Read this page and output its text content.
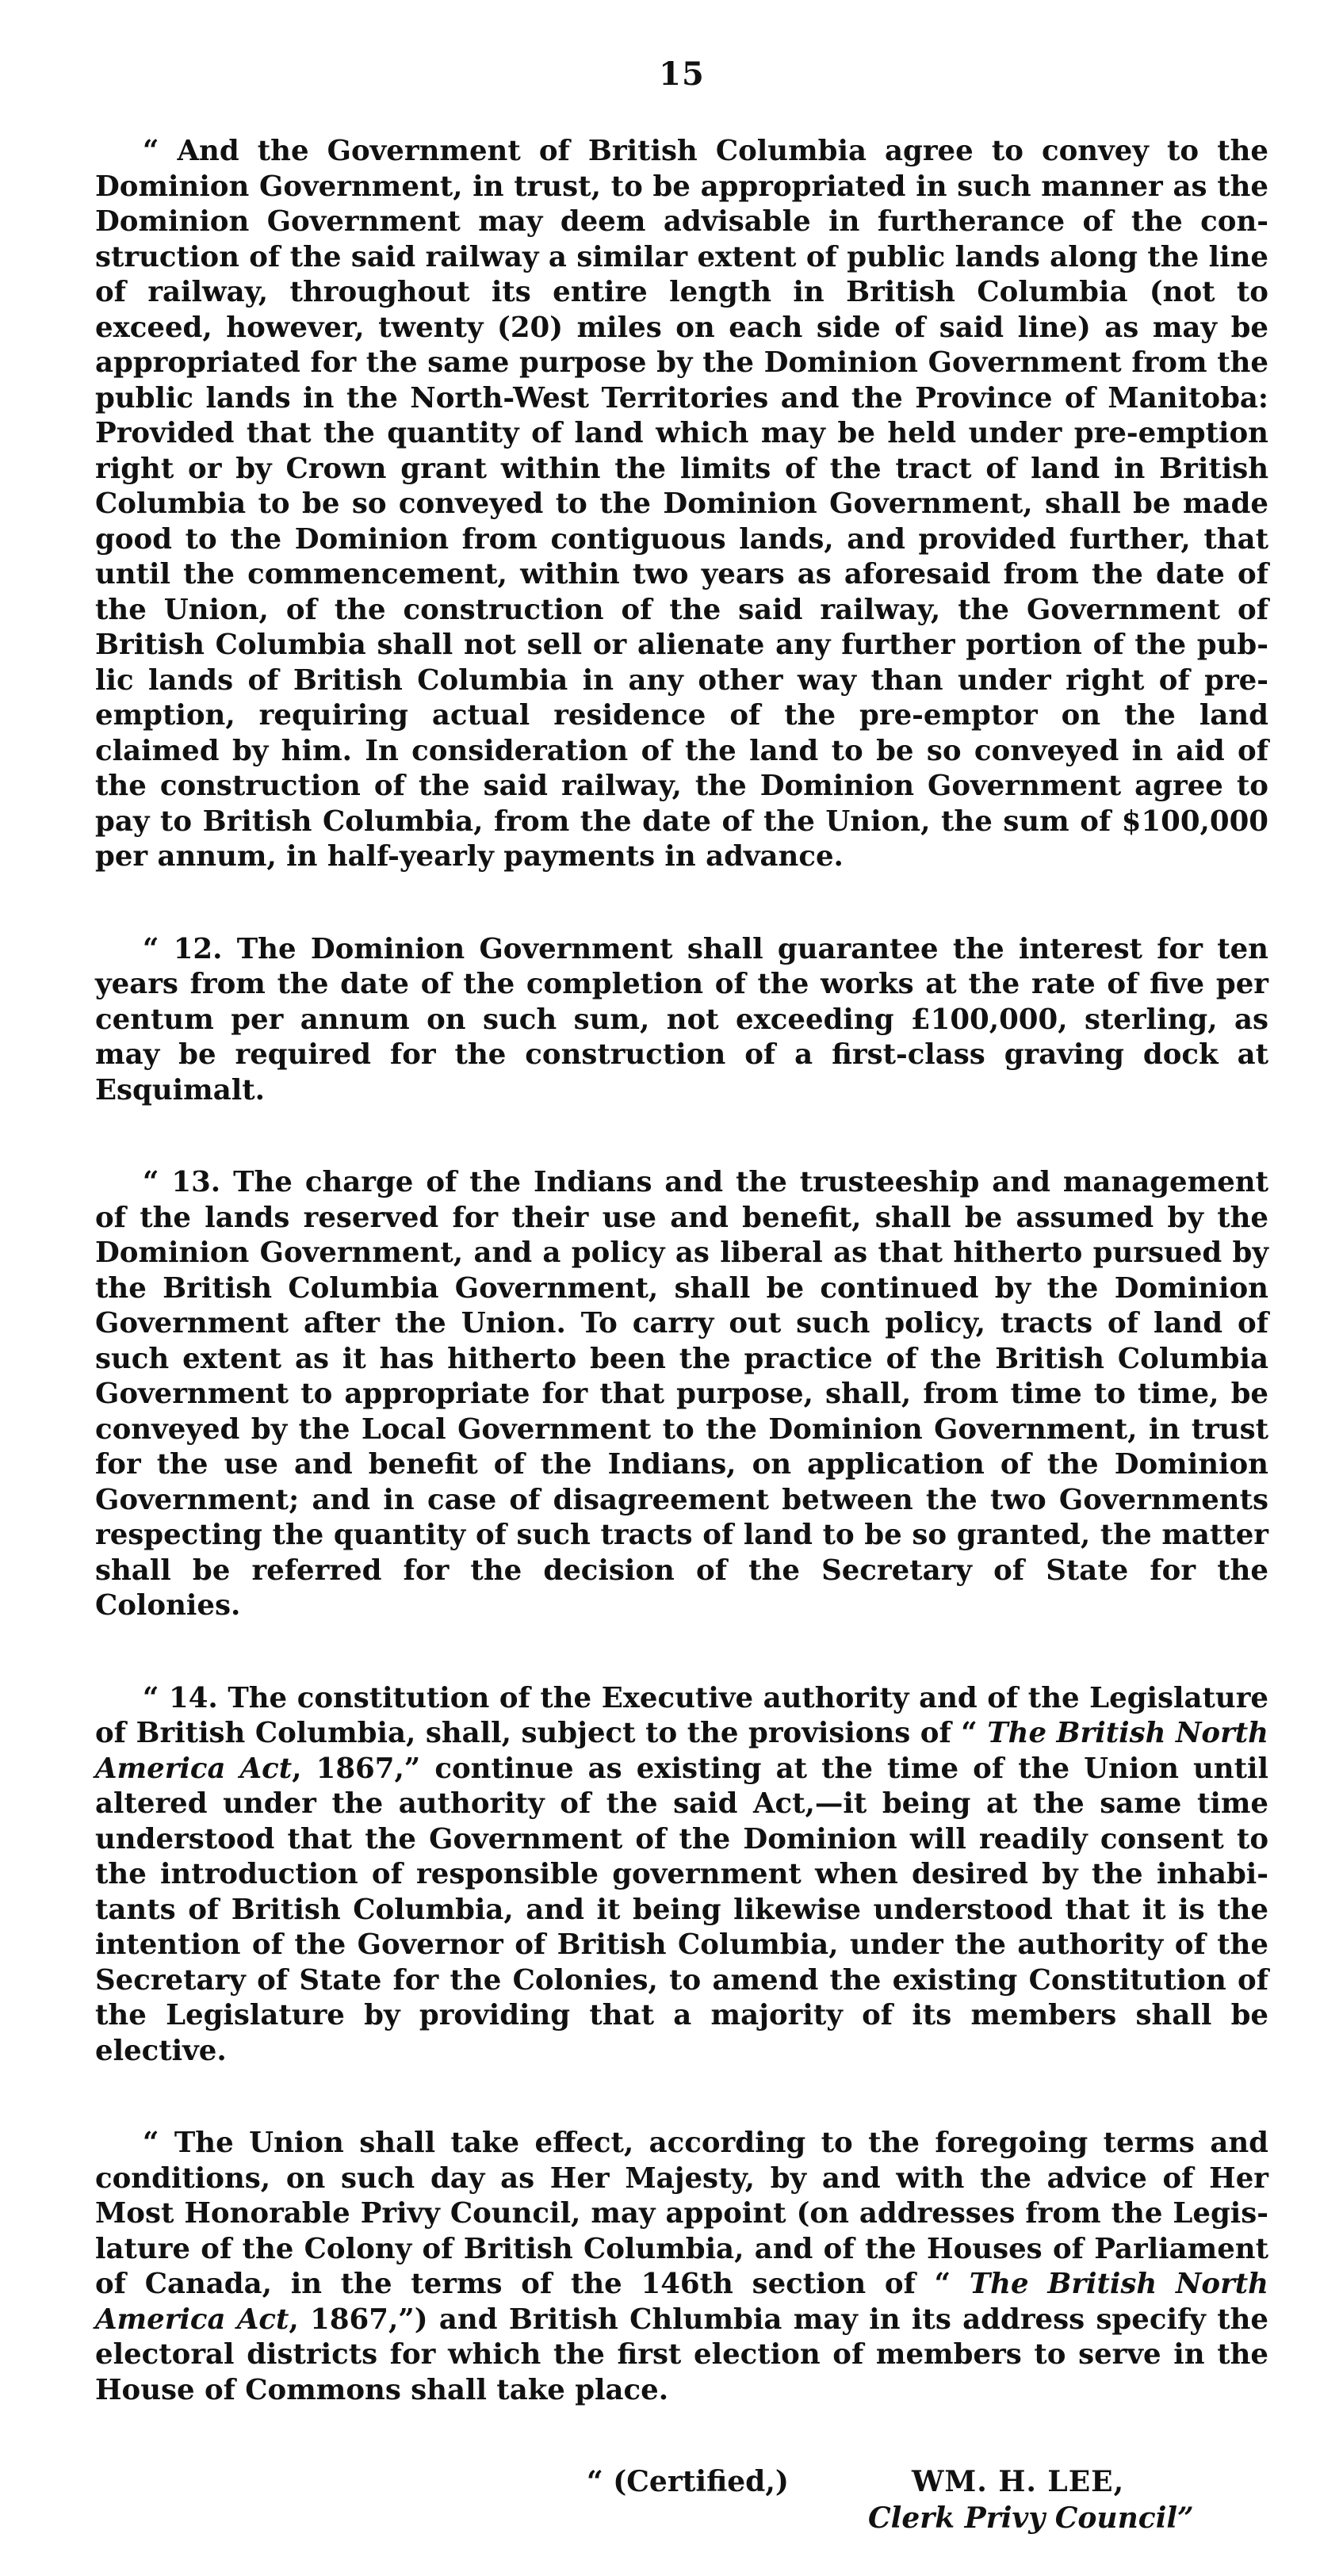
15

“ And the Government of British Columbia agree to convey to the Dominion Government, in trust, to be appropriated in such manner as the Dominion Government may deem advisable in furtherance of the construction of the said railway a similar extent of public lands along the line of railway, throughout its entire length in British Columbia (not to exceed, however, twenty (20) miles on each side of said line) as may be appropriated for the same purpose by the Dominion Government from the public lands in the North-West Territories and the Province of Manitoba: Provided that the quantity of land which may be held under pre-emption right or by Crown grant within the limits of the tract of land in British Columbia to be so conveyed to the Dominion Government, shall be made good to the Dominion from contiguous lands, and provided further, that until the commencement, within two years as aforesaid from the date of the Union, of the construction of the said railway, the Government of British Columbia shall not sell or alienate any further portion of the public lands of British Columbia in any other way than under right of preemption, requiring actual residence of the pre-emptor on the land claimed by him. In consideration of the land to be so conveyed in aid of the construction of the said railway, the Dominion Government agree to pay to British Columbia, from the date of the Union, the sum of $100,000 per annum, in half-yearly payments in advance.

“ 12. The Dominion Government shall guarantee the interest for ten years from the date of the completion of the works at the rate of five per centum per annum on such sum, not exceeding £100,000, sterling, as may be required for the construction of a first-class graving dock at Esquimalt.

“ 13. The charge of the Indians and the trusteeship and management of the lands reserved for their use and benefit, shall be assumed by the Dominion Government, and a policy as liberal as that hitherto pursued by the British Columbia Government, shall be continued by the Dominion Government after the Union. To carry out such policy, tracts of land of such extent as it has hitherto been the practice of the British Columbia Government to appropriate for that purpose, shall, from time to time, be conveyed by the Local Government to the Dominion Government, in trust for the use and benefit of the Indians, on application of the Dominion Government; and in case of disagreement between the two Governments respecting the quantity of such tracts of land to be so granted, the matter shall be referred for the decision of the Secretary of State for the Colonies.

“ 14. The constitution of the Executive authority and of the Legislature of British Columbia, shall, subject to the provisions of “ The British North America Act, 1867,” continue as existing at the time of the Union until altered under the authority of the said Act,—it being at the same time understood that the Government of the Dominion will readily consent to the introduction of responsible government when desired by the inhabitants of British Columbia, and it being likewise understood that it is the intention of the Governor of British Columbia, under the authority of the Secretary of State for the Colonies, to amend the existing Constitution of the Legislature by providing that a majority of its members shall be elective.

“ The Union shall take effect, according to the foregoing terms and conditions, on such day as Her Majesty, by and with the advice of Her Most Honorable Privy Council, may appoint (on addresses from the Legislature of the Colony of British Columbia, and of the Houses of Parliament of Canada, in the terms of the 146th section of “ The British North America Act, 1867,”) and British Chlumbia may in its address specify the electoral districts for which the first election of members to serve in the House of Commons shall take place.

“ (Certified,)	WM. H. LEE,
Clerk Privy Council”
